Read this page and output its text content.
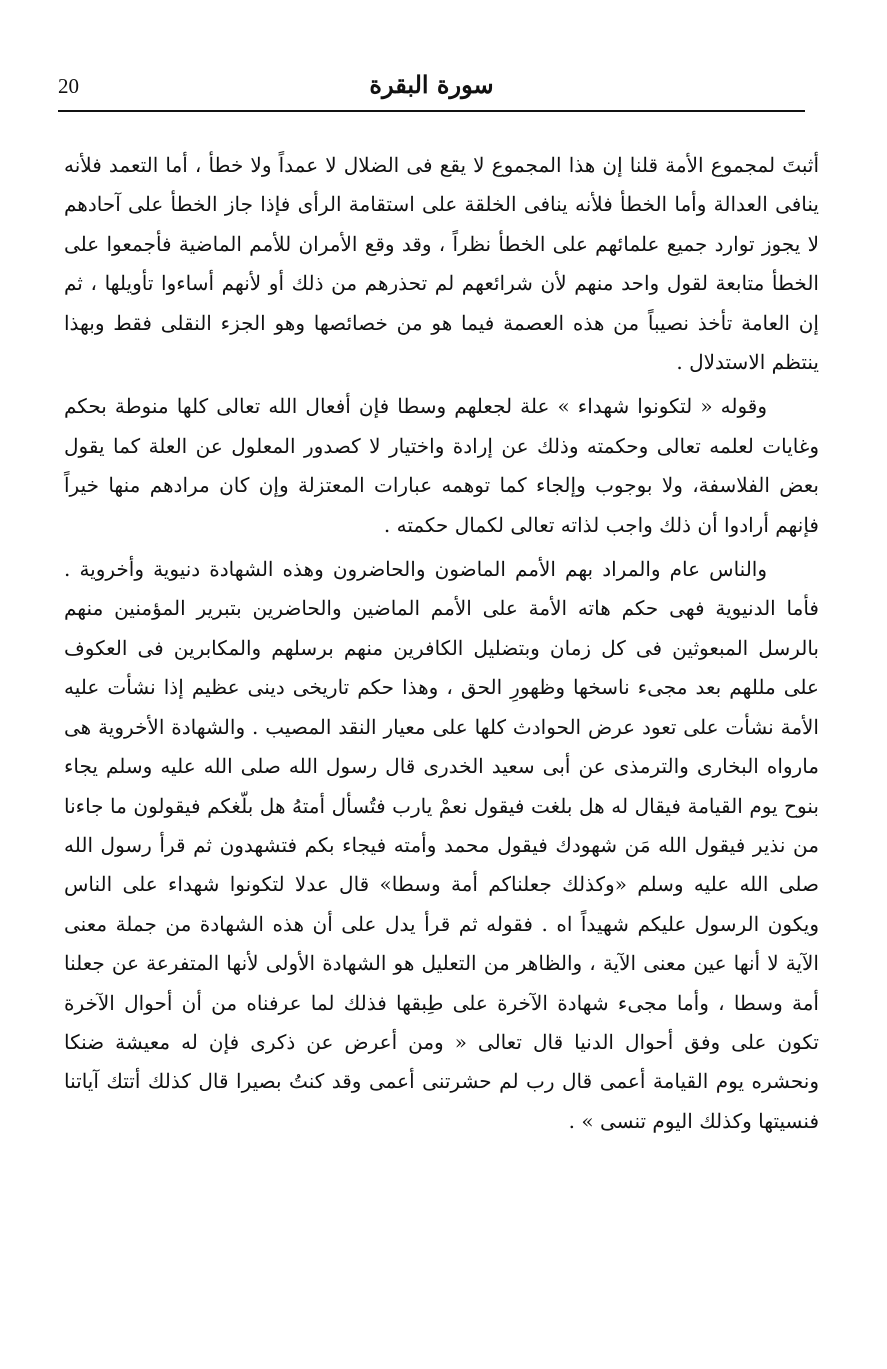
20	سورة البقرة

أثبتَ لمجموع الأمة قلنا إن هذا المجموع لا يقع فى الضلال لا عمداً ولا خطأ ، أما التعمد فلأنه ينافى العدالة وأما الخطأ فلأنه ينافى الخلقة على استقامة الرأى فإذا جاز الخطأ على آحادهم لا يجوز توارد جميع علمائهم على الخطأ نظراً ، وقد وقع الأمران للأمم الماضية فأجمعوا على الخطأ متابعة لقول واحد منهم لأن شرائعهم لم تحذرهم من ذلك أو لأنهم أساءوا تأويلها ، ثم إن العامة تأخذ نصيباً من هذه العصمة فيما هو من خصائصها وهو الجزء النقلى فقط وبهذا ينتظم الاستدلال .

وقوله « لتكونوا شهداء » علة لجعلهم وسطا فإن أفعال الله تعالى كلها منوطة بحكم وغايات لعلمه تعالى وحكمته وذلك عن إرادة واختيار لا كصدور المعلول عن العلة كما يقول بعض الفلاسفة، ولا بوجوب وإلجاء كما توهمه عبارات المعتزلة وإن كان مرادهم منها خيراً فإنهم أرادوا أن ذلك واجب لذاته تعالى لكمال حكمته .

والناس عام والمراد بهم الأمم الماضون والحاضرون وهذه الشهادة دنيوية وأخروية . فأما الدنيوية فهى حكم هاته الأمة على الأمم الماضين والحاضرين بتبرير المؤمنين منهم بالرسل المبعوثين فى كل زمان وبتضليل الكافرين منهم برسلهم والمكابرين فى العكوف على مللهم بعد مجىء ناسخها وظهورِ الحق ، وهذا حكم تاريخى دينى عظيم إذا نشأت عليه الأمة نشأت على تعود عرض الحوادث كلها على معيار النقد المصيب . والشهادة الأخروية هى مارواه البخارى والترمذى عن أبى سعيد الخدرى قال رسول الله صلى الله عليه وسلم يجاء بنوح يوم القيامة فيقال له هل بلغت فيقول نعمْ يارب فتُسأل أمتهُ هل بلّغكم فيقولون ما جاءنا من نذير فيقول الله مَن شهودك فيقول محمد وأمته فيجاء بكم فتشهدون ثم قرأ رسول الله صلى الله عليه وسلم «وكذلك جعلناكم أمة وسطا» قال عدلا لتكونوا شهداء على الناس ويكون الرسول عليكم شهيداً اه . فقوله ثم قرأ يدل على أن هذه الشهادة من جملة معنى الآية لا أنها عين معنى الآية ، والظاهر من التعليل هو الشهادة الأولى لأنها المتفرعة عن جعلنا أمة وسطا ، وأما مجىء شهادة الآخرة على طِبقها فذلك لما عرفناه من أن أحوال الآخرة تكون على وفق أحوال الدنيا قال تعالى « ومن أعرض عن ذكرى فإن له معيشة ضنكا ونحشره يوم القيامة أعمى قال رب لم حشرتنى أعمى وقد كنتُ بصيرا قال كذلك أتتك آياتنا فنسيتها وكذلك اليوم تنسى » .
